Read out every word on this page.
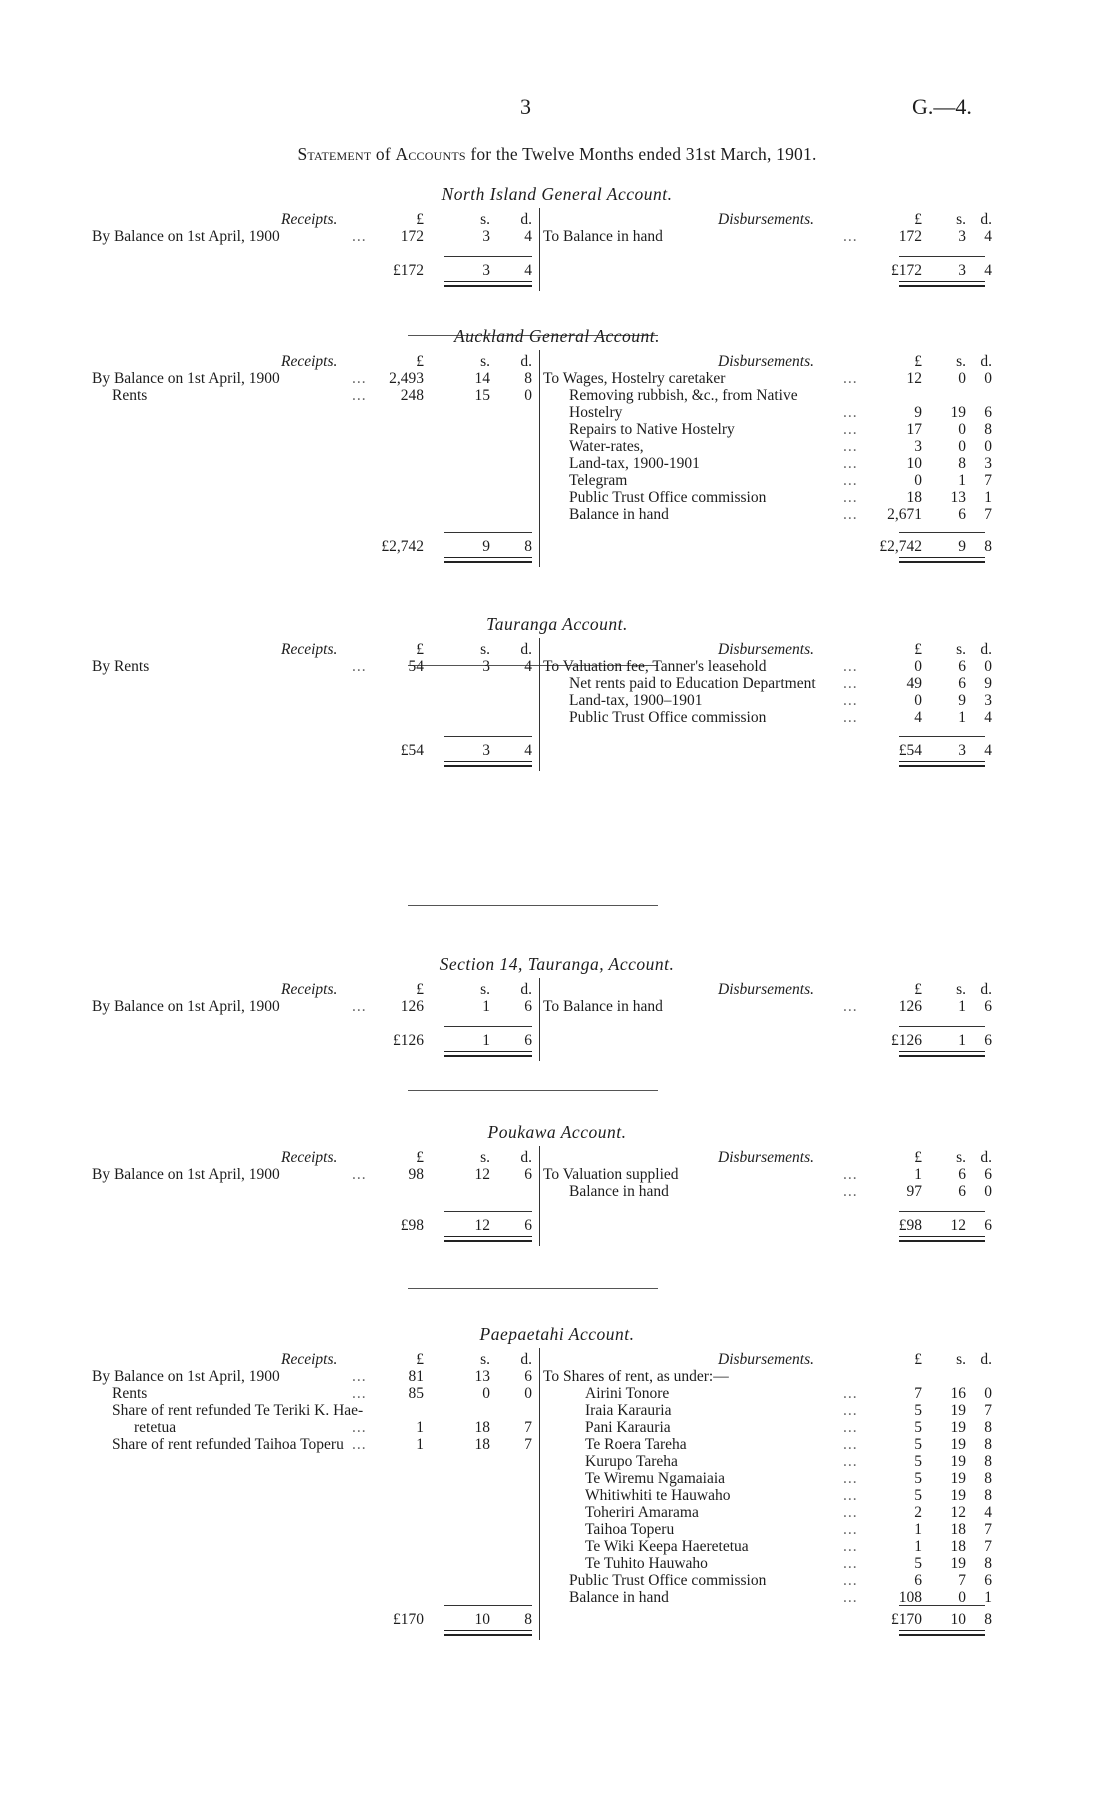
3	G.—4.
Statement of Accounts for the Twelve Months ended 31st March, 1901.
North Island General Account.
Receipts.	£	s.	d.
By Balance on 1st April, 1900	...	172	3	4
Disbursements.	£	s. d.
To Balance in hand	...	172	3	4
£172	3	4	£172	3	4
Auckland General Account.
Receipts.	£	s.	d.
By Balance on 1st April, 1900	...	2,493	14	8
Rents	...	248	15	0
Disbursements.	£	s. d.
To Wages, Hostelry caretaker	...	12	0	0
Removing rubbish, &c., from Native
Hostelry	...	9	19	6
Repairs to Native Hostelry	...	17	0	8
Water-rates,	...	3	0	0
Land-tax, 1900-1901	...	10	8	3
Telegram	...	0	1	7
Public Trust Office commission	...	18	13	1
Balance in hand	...	2,671	6	7
£2,742	9	8	£2,742	9	8
Tauranga Account.
Receipts.	£	s.	d.
By Rents	...	54	3	4
Disbursements.	£	s. d.
To Valuation fee, Tanner's leasehold	...	0	6	0
Net rents paid to Education Department ...	49	6	9
Land-tax, 1900–1901	...	0	9	3
Public Trust Office commission	...	4	1	4
£54	3	4	£54	3	4
Section 14, Tauranga, Account.
Receipts.	£	s.	d.
By Balance on 1st April, 1900	...	126	1	6
Disbursements.	£	s. d.
To Balance in hand	...	126	1	6
£126	1	6	£126	1	6
Poukawa Account.
Receipts.	£	s.	d.
By Balance on 1st April, 1900	...	98	12	6
Disbursements.	£	s. d.
To Valuation supplied	...	1	6	6
Balance in hand	...	97	6	0
£98	12	6	£98	12	6
Paepaetahi Account.
Receipts.	£	s.	d.
By Balance on 1st April, 1900	...	81	13	6
Rents	...	85	0	0
Share of rent refunded Te Teriki K. Hae-
retetua	...	1	18	7
Share of rent refunded Taihoa Toperu ...	1	18	7
Disbursements.	£	s. d.
To Shares of rent, as under:—
Airini Tonore	...	7	16	0
Iraia Karauria	...	5	19	7
Pani Karauria	...	5	19	8
Te Roera Tareha	...	5	19	8
Kurupo Tareha	...	5	19	8
Te Wiremu Ngamaiaia	...	5	19	8
Whitiwhiti te Hauwaho	...	5	19	8
Toheriri Amarama	...	2	12	4
Taihoa Toperu	...	1	18	7
Te Wiki Keepa Haeretetua	...	1	18	7
Te Tuhito Hauwaho	...	5	19	8
Public Trust Office commission	...	6	7	6
Balance in hand	...	108	0	1
£170	10	8	£170	10	8
